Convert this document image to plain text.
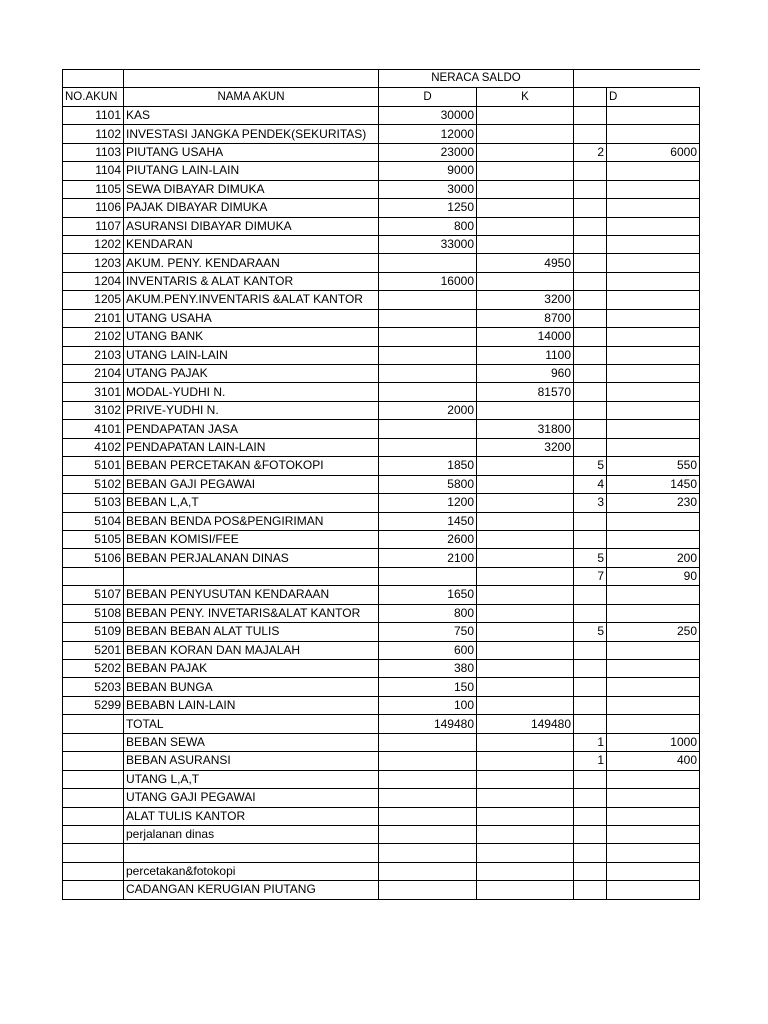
		NERACA SALDO			
NO.AKUN	NAMA AKUN	D	K		D
1101	KAS	30000			
1102	INVESTASI JANGKA PENDEK(SEKURITAS)	12000			
1103	PIUTANG USAHA	23000		2	6000
1104	PIUTANG LAIN-LAIN	9000			
1105	SEWA DIBAYAR DIMUKA	3000			
1106	PAJAK DIBAYAR DIMUKA	1250			
1107	ASURANSI DIBAYAR DIMUKA	800			
1202	KENDARAN	33000			
1203	AKUM. PENY. KENDARAAN		4950		
1204	INVENTARIS & ALAT KANTOR	16000			
1205	AKUM.PENY.INVENTARIS &ALAT KANTOR		3200		
2101	UTANG USAHA		8700		
2102	UTANG BANK		14000		
2103	UTANG LAIN-LAIN		1100		
2104	UTANG PAJAK		960		
3101	MODAL-YUDHI N.		81570		
3102	PRIVE-YUDHI N.	2000			
4101	PENDAPATAN JASA		31800		
4102	PENDAPATAN LAIN-LAIN		3200		
5101	BEBAN PERCETAKAN &FOTOKOPI	1850		5	550
5102	BEBAN GAJI PEGAWAI	5800		4	1450
5103	BEBAN L,A,T	1200		3	230
5104	BEBAN BENDA POS&PENGIRIMAN	1450			
5105	BEBAN KOMISI/FEE	2600			
5106	BEBAN PERJALANAN DINAS	2100		5	200
				7	90
5107	BEBAN PENYUSUTAN KENDARAAN	1650			
5108	BEBAN PENY. INVETARIS&ALAT KANTOR	800			
5109	BEBAN BEBAN ALAT TULIS	750		5	250
5201	BEBAN KORAN DAN MAJALAH	600			
5202	BEBAN PAJAK	380			
5203	BEBAN BUNGA	150			
5299	BEBABN LAIN-LAIN	100			
	TOTAL	149480	149480		
	BEBAN SEWA			1	1000
	BEBAN ASURANSI			1	400
	UTANG L,A,T				
	UTANG GAJI PEGAWAI				
	ALAT TULIS KANTOR				
	perjalanan dinas				

	percetakan&fotokopi				
	CADANGAN KERUGIAN PIUTANG				
